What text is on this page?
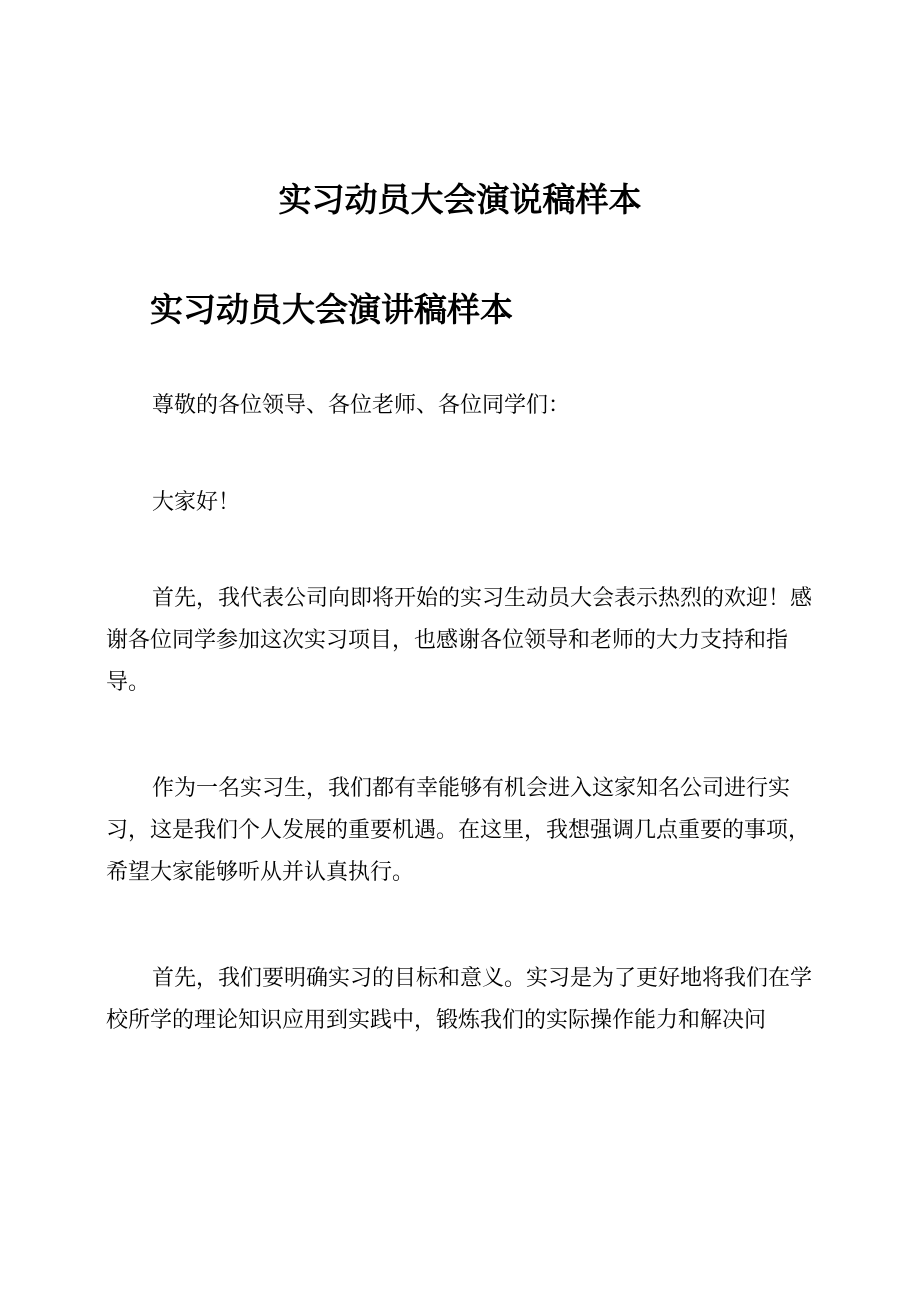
实习动员大会演说稿样本
实习动员大会演讲稿样本

尊敬的各位领导、各位老师、各位同学们：

大家好！

首先，我代表公司向即将开始的实习生动员大会表示热烈的欢迎！感谢各位同学参加这次实习项目，也感谢各位领导和老师的大力支持和指导。

作为一名实习生，我们都有幸能够有机会进入这家知名公司进行实习，这是我们个人发展的重要机遇。在这里，我想强调几点重要的事项，希望大家能够听从并认真执行。

首先，我们要明确实习的目标和意义。实习是为了更好地将我们在学校所学的理论知识应用到实践中，锻炼我们的实际操作能力和解决问
